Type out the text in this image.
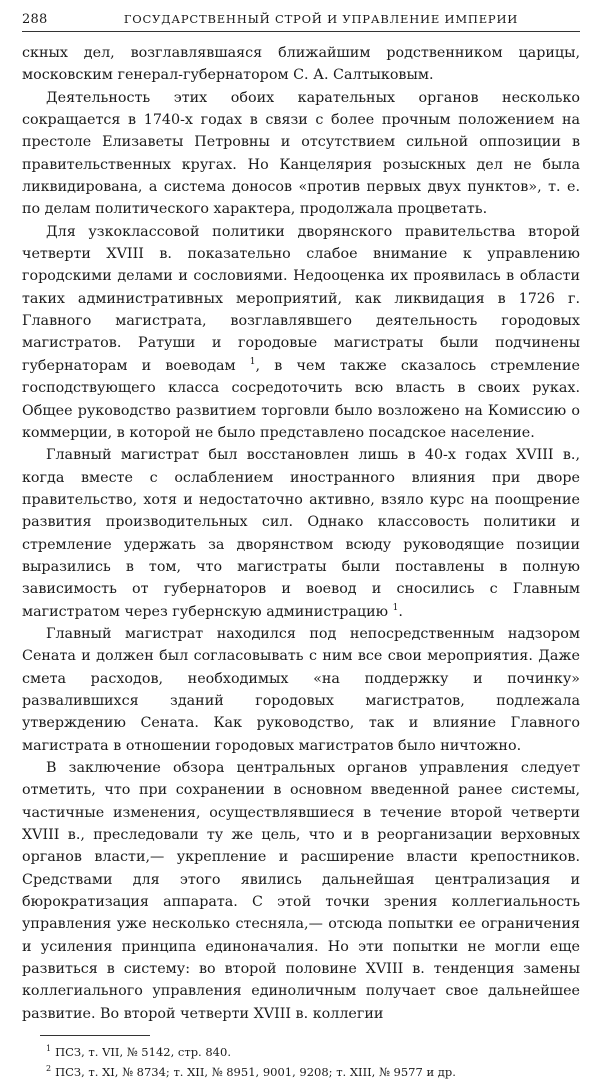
288	ГОСУДАРСТВЕННЫЙ СТРОЙ И УПРАВЛЕНИЕ ИМПЕРИИ

скных дел, возглавлявшаяся ближайшим родственником царицы, московским генерал-губернатором С. А. Салтыковым.

Деятельность этих обоих карательных органов несколько сокращается в 1740-х годах в связи с более прочным положением на престоле Елизаветы Петровны и отсутствием сильной оппозиции в правительственных кругах. Но Канцелярия розыскных дел не была ликвидирована, а система доносов «против первых двух пунктов», т. е. по делам политического характера, продолжала процветать.

Для узкоклассовой политики дворянского правительства второй четверти XVIII в. показательно слабое внимание к управлению городскими делами и сословиями. Недооценка их проявилась в области таких административных мероприятий, как ликвидация в 1726 г. Главного магистрата, возглавлявшего деятельность городовых магистратов. Ратуши и городовые магистраты были подчинены губернаторам и воеводам $^1$, в чем также сказалось стремление господствующего класса сосредоточить всю власть в своих руках. Общее руководство развитием торговли было возложено на Комиссию о коммерции, в которой не было представлено посадское население.

Главный магистрат был восстановлен лишь в 40-х годах XVIII в., когда вместе с ослаблением иностранного влияния при дворе правительство, хотя и недостаточно активно, взяло курс на поощрение развития производительных сил. Однако классовость политики и стремление удержать за дворянством всюду руководящие позиции выразились в том, что магистраты были поставлены в полную зависимость от губернаторов и воевод и сносились с Главным магистратом через губернскую администрацию $^1$.

Главный магистрат находился под непосредственным надзором Сената и должен был согласовывать с ним все свои мероприятия. Даже смета расходов, необходимых «на поддержку и починку» развалившихся зданий городовых магистратов, подлежала утверждению Сената. Как руководство, так и влияние Главного магистрата в отношении городовых магистратов было ничтожно.

В заключение обзора центральных органов управления следует отметить, что при сохранении в основном введенной ранее системы, частичные изменения, осуществлявшиеся в течение второй четверти XVIII в., преследовали ту же цель, что и в реорганизации верховных органов власти,— укрепление и расширение власти крепостников. Средствами для этого явились дальнейшая централизация и бюрократизация аппарата. С этой точки зрения коллегиальность управления уже несколько стесняла,— отсюда попытки ее ограничения и усиления принципа единоначалия. Но эти попытки не могли еще развиться в систему: во второй половине XVIII в. тенденция замены коллегиального управления единоличным получает свое дальнейшее развитие. Во второй четверти XVIII в. коллегии

$^1$ ПСЗ, т. VII, № 5142, стр. 840.
$^2$ ПСЗ, т. XI, № 8734; т. XII, № 8951, 9001, 9208; т. XIII, № 9577 и др.
